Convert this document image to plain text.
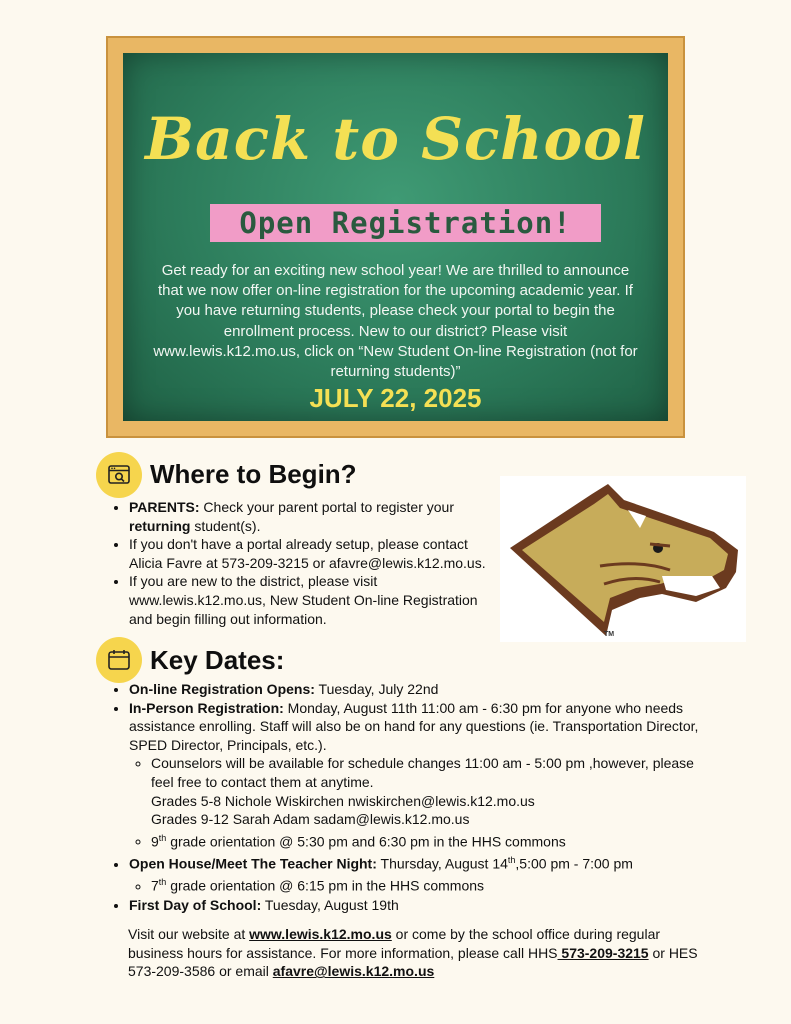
Back to School
Open Registration!
Get ready for an exciting new school year! We are thrilled to announce that we now offer on-line registration for the upcoming academic year. If you have returning students, please check your portal to begin the enrollment process. New to our district? Please visit www.lewis.k12.mo.us, click on “New Student On-line Registration (not for returning students)”
JULY 22, 2025
Where to Begin?
• PARENTS: Check your parent portal to register your returning student(s).
• If you don't have a portal already setup, please contact Alicia Favre at 573-209-3215 or afavre@lewis.k12.mo.us.
• If you are new to the district, please visit www.lewis.k12.mo.us, New Student On-line Registration and begin filling out information.
TM
Key Dates:
• On-line Registration Opens: Tuesday, July 22nd
• In-Person Registration: Monday, August 11th 11:00 am - 6:30 pm for anyone who needs assistance enrolling. Staff will also be on hand for any questions (ie. Transportation Director, SPED Director, Principals, etc.).
◦ Counselors will be available for schedule changes 11:00 am - 5:00 pm ,however, please feel free to contact them at anytime.
Grades 5-8 Nichole Wiskirchen nwiskirchen@lewis.k12.mo.us
Grades 9-12 Sarah Adam sadam@lewis.k12.mo.us
◦ 9th grade orientation @ 5:30 pm and 6:30 pm in the HHS commons
• Open House/Meet The Teacher Night: Thursday, August 14th,5:00 pm - 7:00 pm
◦ 7th grade orientation @ 6:15 pm in the HHS commons
• First Day of School: Tuesday, August 19th
Visit our website at www.lewis.k12.mo.us or come by the school office during regular business hours for assistance. For more information, please call HHS 573-209-3215 or HES 573-209-3586 or email afavre@lewis.k12.mo.us
